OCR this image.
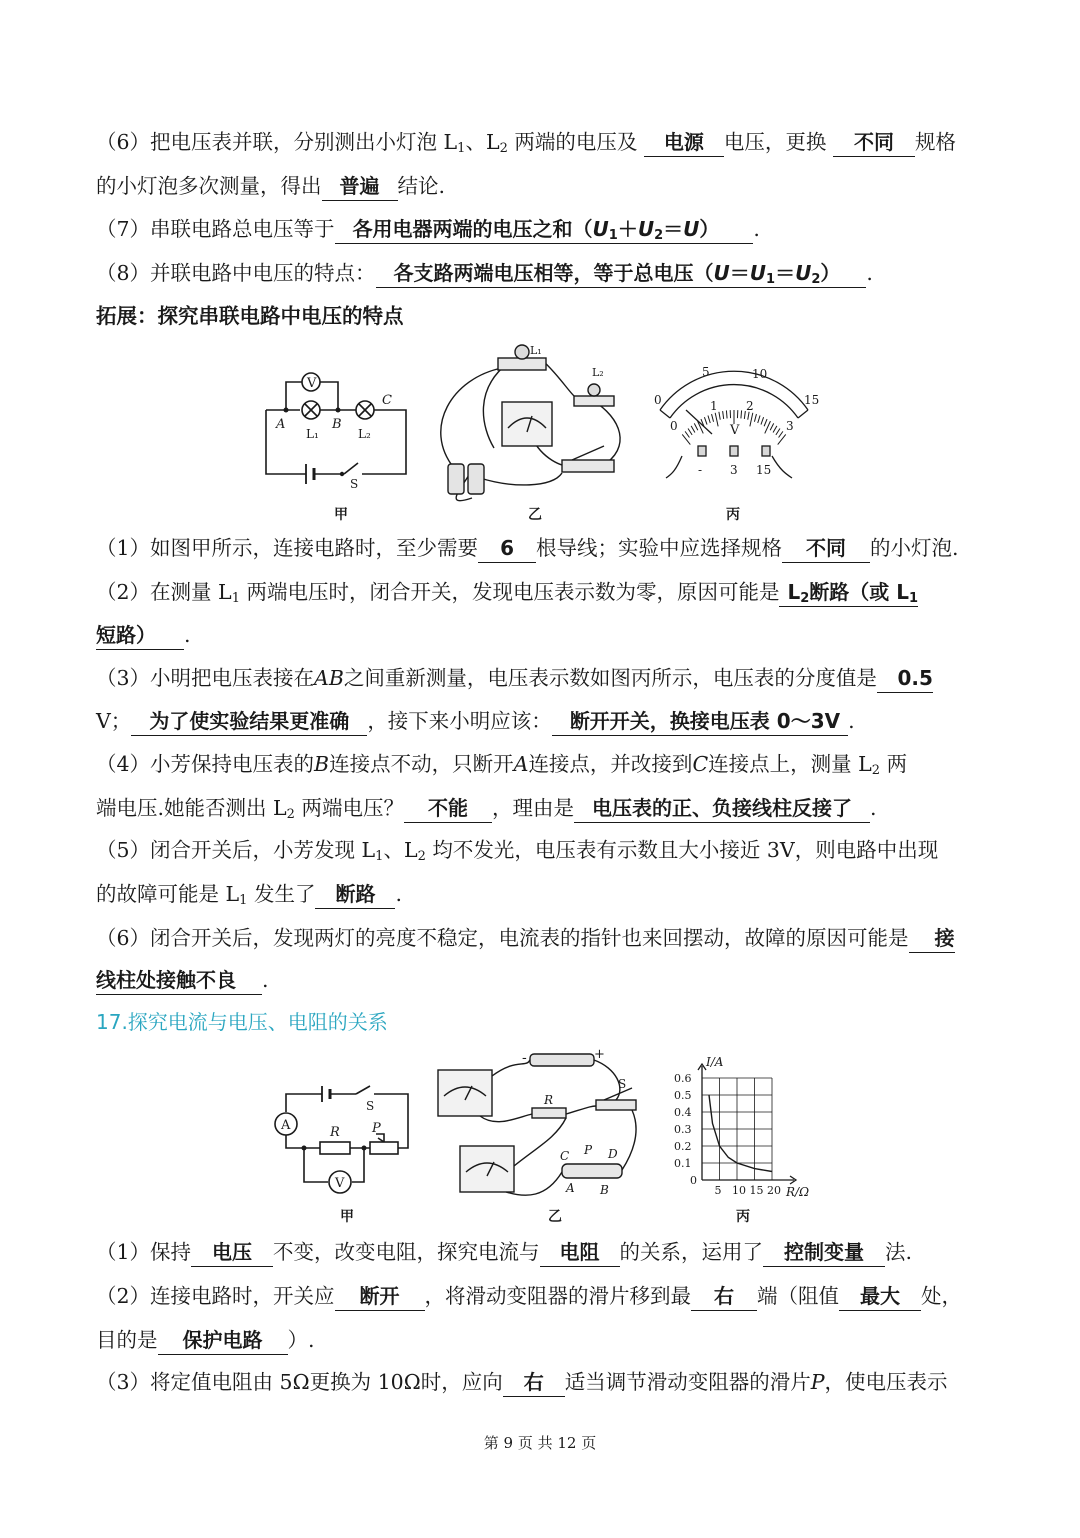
（6）把电压表并联，分别测出小灯泡 $L_1$、$L_2$ 两端的电压及 电源 电压，更换 不同 规格
的小灯泡多次测量，得出 普遍 结论.
（7）串联电路总电压等于 各用电器两端的电压之和$(U_1+U_2=U)$ .
（8）并联电路中电压的特点： 各支路两端电压相等，等于总电压$(U=U_1=U_2)$ .
拓展：探究串联电路中电压的特点
V
A	B
C
L₁	L₂
S
甲
L₁
L₂
乙
0
5	10
15
0
1 2
3
V
- 3 15
丙
（1）如图甲所示，连接电路时，至少需要 6 根导线；实验中应选择规格 不同 的小灯泡.
（2）在测量 $L_1$ 两端电压时，闭合开关，发现电压表示数为零，原因可能是 $L_2$断路（或 $L_1$
短路） .
（3）小明把电压表接在AB之间重新测量，电压表示数如图丙所示，电压表的分度值是 0.5
V； 为了使实验结果更准确 ，接下来小明应该： 断开开关，换接电压表 0～3V .
（4）小芳保持电压表的B连接点不动，只断开A连接点，并改接到C连接点上，测量 $L_2$ 两
端电压.她能否测出 $L_2$ 两端电压？ 不能 ，理由是 电压表的正、负接线柱反接了 .
（5）闭合开关后，小芳发现 $L_1$、$L_2$ 均不发光，电压表有示数且大小接近 3V，则电路中出现
的故障可能是 $L_1$ 发生了 断路 .
（6）闭合开关后，发现两灯的亮度不稳定，电流表的指针也来回摆动，故障的原因可能是 接
线柱处接触不良 .
17.探究电流与电压、电阻的关系
A
V
R P
S
甲
-	+
S
R
C P D
A B
乙
5 10 15 20
0.6
0.5
0.4
0.3
0.2
0.1
0
I/A
R/Ω
丙
（1）保持 电压 不变，改变电阻，探究电流与 电阻 的关系，运用了 控制变量 法.
（2）连接电路时，开关应 断开 ，将滑动变阻器的滑片移到最 右 端（阻值 最大 处，
目的是 保护电路 ）.
（3）将定值电阻由 5Ω更换为 10Ω时，应向 右 适当调节滑动变阻器的滑片P，使电压表示
第 9 页 共 12 页
